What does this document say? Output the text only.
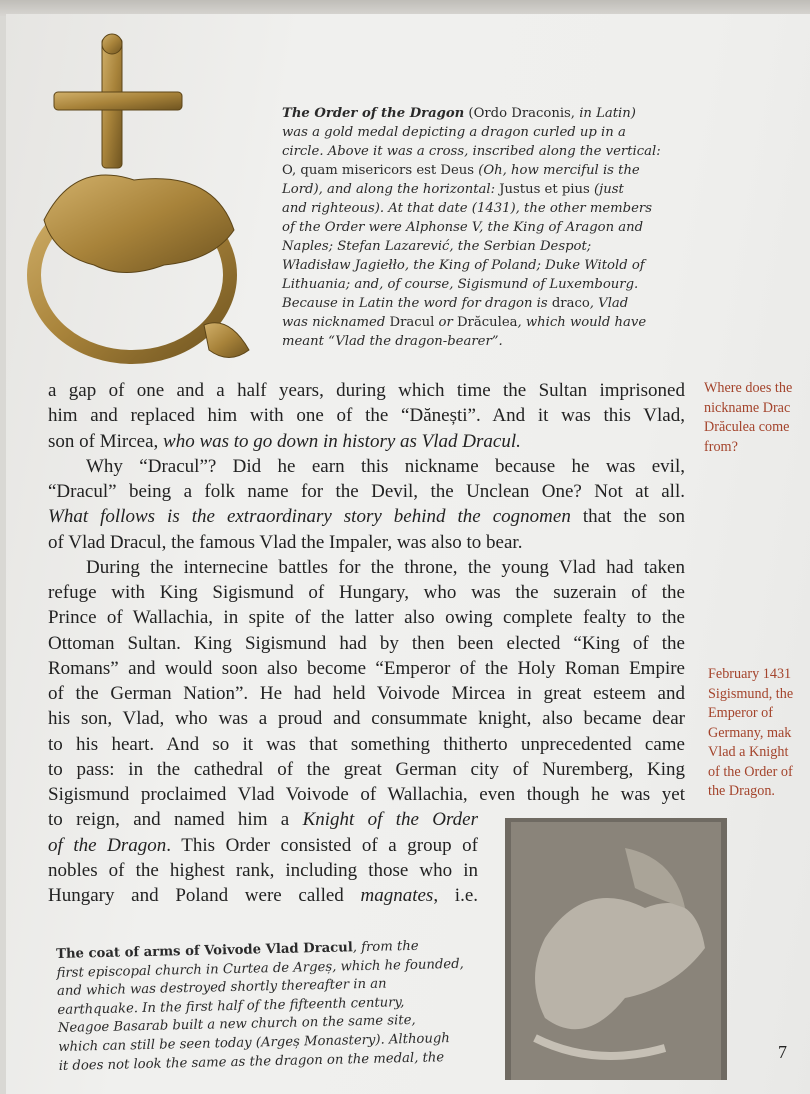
The Order of the Dragon (Ordo Draconis, in Latin)
was a gold medal depicting a dragon curled up in a
circle. Above it was a cross, inscribed along the vertical:
O, quam misericors est Deus (Oh, how merciful is the
Lord), and along the horizontal: Justus et pius (just
and righteous). At that date (1431), the other members
of the Order were Alphonse V, the King of Aragon and
Naples; Stefan Lazarević, the Serbian Despot;
Władisław Jagiełło, the King of Poland; Duke Witold of
Lithuania; and, of course, Sigismund of Luxembourg.
Because in Latin the word for dragon is draco, Vlad
was nicknamed Dracul or Drăculea, which would have
meant “Vlad the dragon-bearer”.
a gap of one and a half years, during which time the Sultan imprisoned
him and replaced him with one of the “Dănești”. And it was this Vlad,
son of Mircea, who was to go down in history as Vlad Dracul.
Why “Dracul”? Did he earn this nickname because he was evil,
“Dracul” being a folk name for the Devil, the Unclean One? Not at all.
What follows is the extraordinary story behind the cognomen that the son
of Vlad Dracul, the famous Vlad the Impaler, was also to bear.
During the internecine battles for the throne, the young Vlad had taken
refuge with King Sigismund of Hungary, who was the suzerain of the
Prince of Wallachia, in spite of the latter also owing complete fealty to the
Ottoman Sultan. King Sigismund had by then been elected “King of the
Romans” and would soon also become “Emperor of the Holy Roman Empire
of the German Nation”. He had held Voivode Mircea in great esteem and
his son, Vlad, who was a proud and consummate knight, also became dear
to his heart. And so it was that something thitherto unprecedented came
to pass: in the cathedral of the great German city of Nuremberg, King
Sigismund proclaimed Vlad Voivode of Wallachia, even though he was yet
to reign, and named him a Knight of the Order
of the Dragon. This Order consisted of a group of
nobles of the highest rank, including those who in
Hungary and Poland were called magnates, i.e.
Where does the
nickname Drac
Drăculea come
from?
February 1431
Sigismund, the
Emperor of
Germany, mak
Vlad a Knight
of the Order of
the Dragon.
The coat of arms of Voivode Vlad Dracul, from the
first episcopal church in Curtea de Argeș, which he founded,
and which was destroyed shortly thereafter in an
earthquake. In the first half of the fifteenth century,
Neagoe Basarab built a new church on the same site,
which can still be seen today (Argeș Monastery). Although
it does not look the same as the dragon on the medal, the	7
